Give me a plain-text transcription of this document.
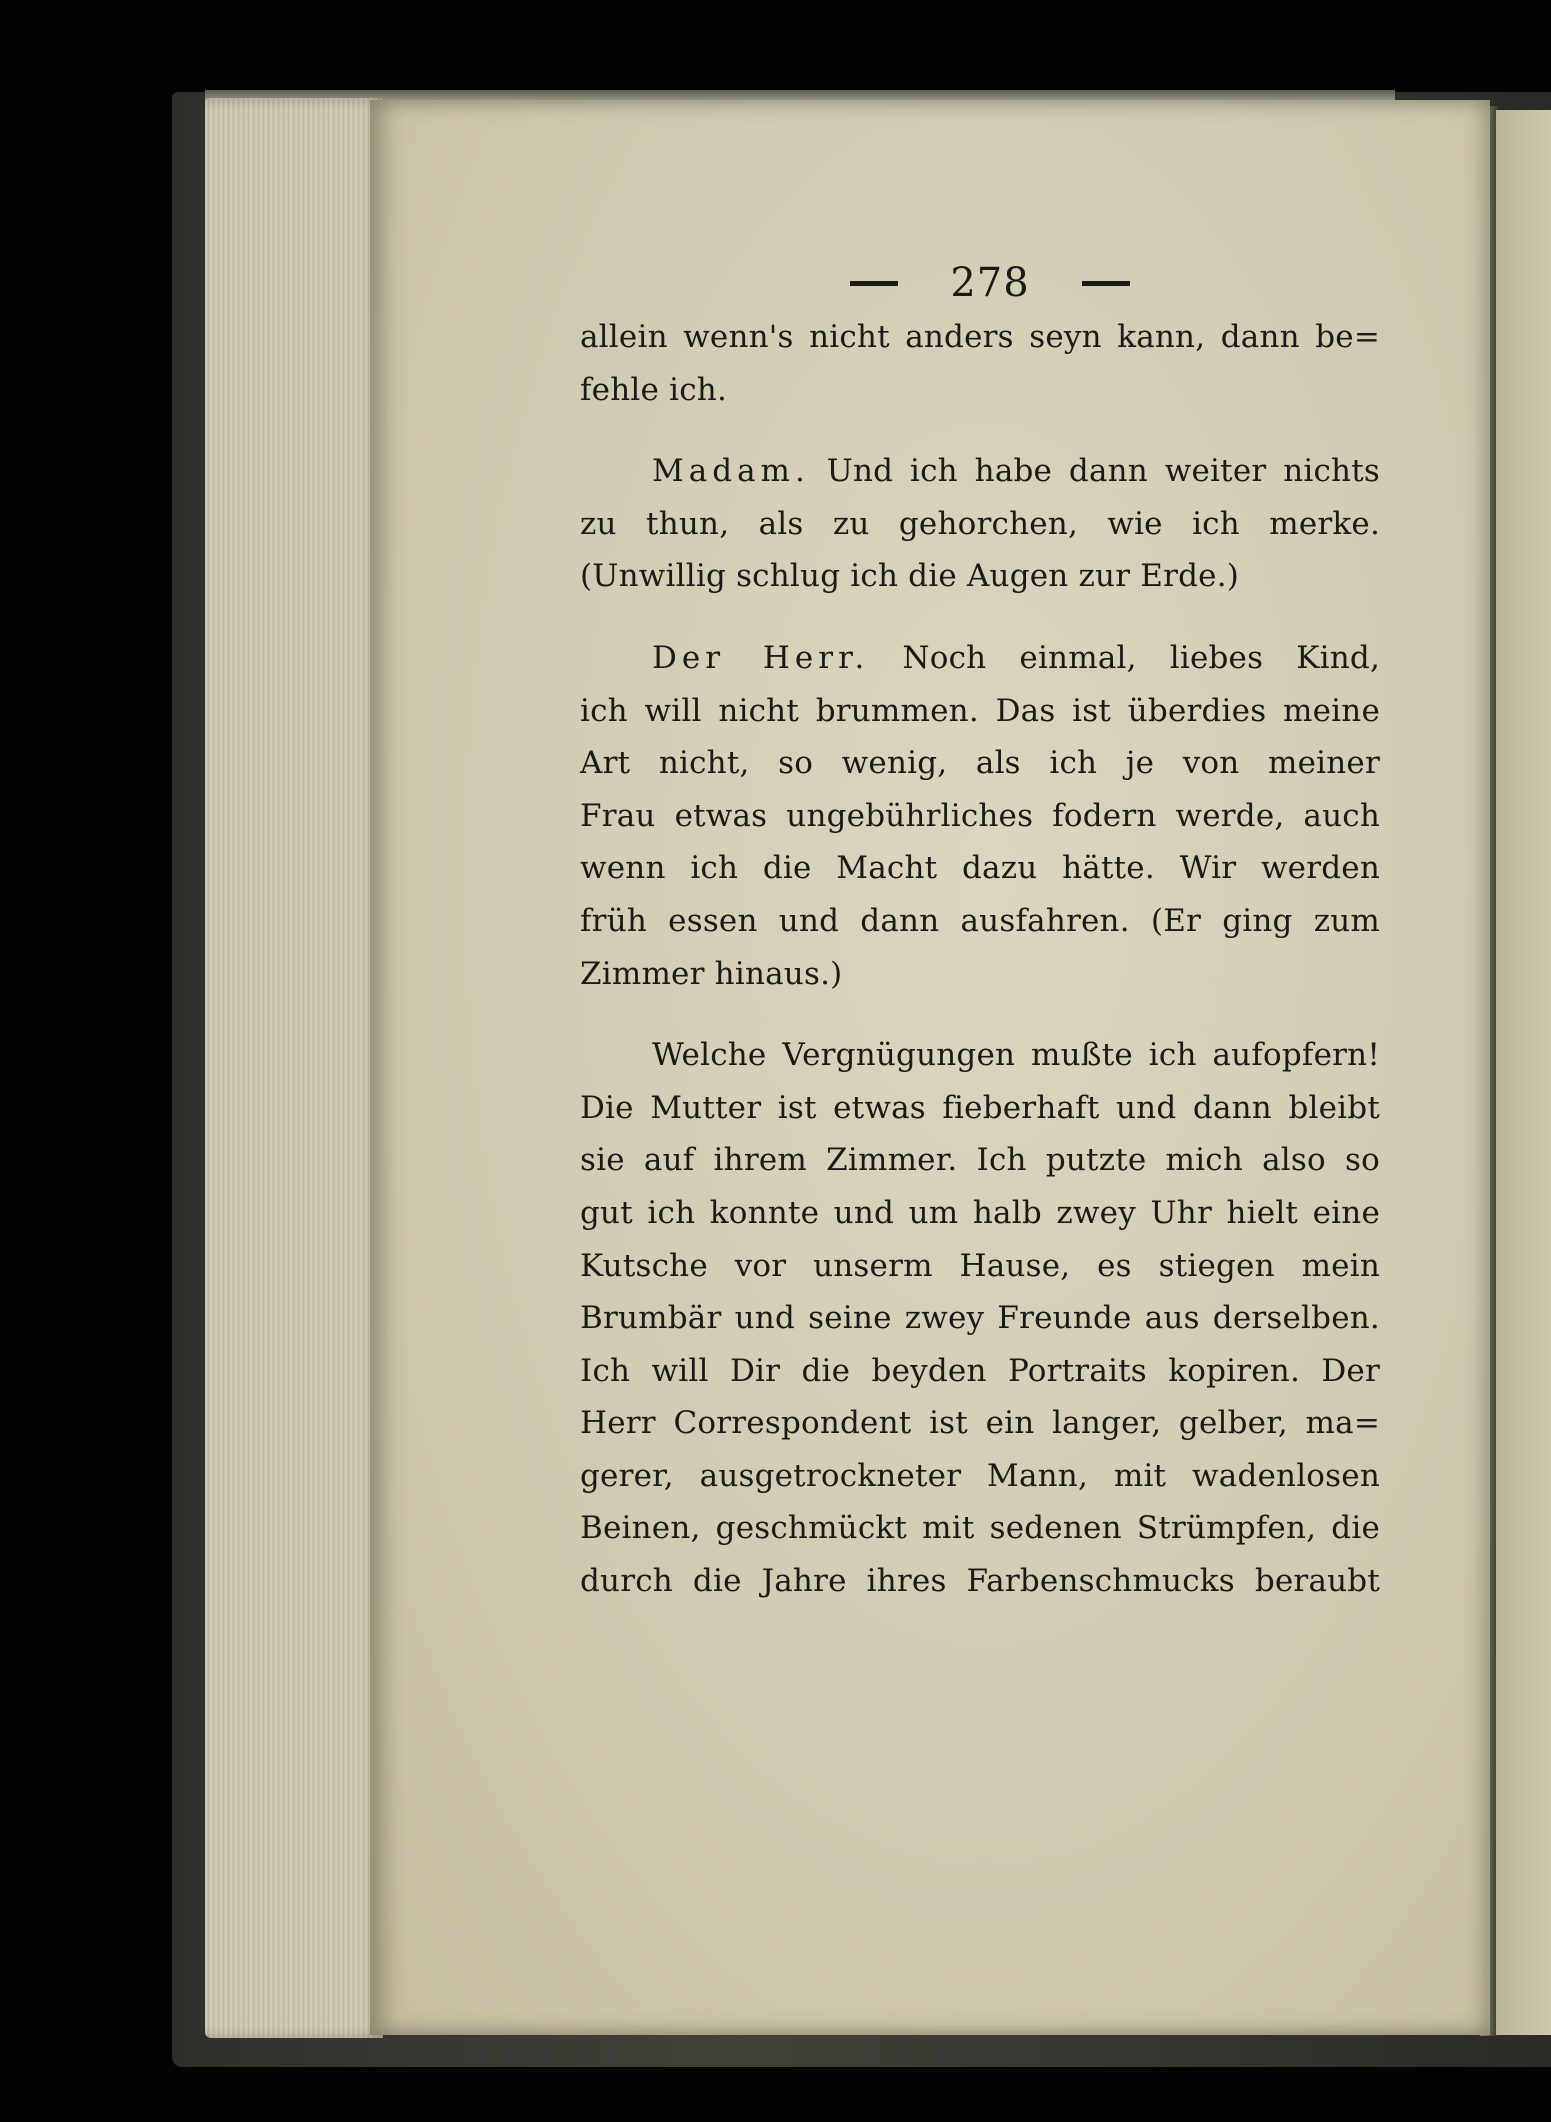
278
allein wenn's nicht anders seyn kann, dann be=
fehle ich.
Madam. Und ich habe dann weiter nichts
zu thun, als zu gehorchen, wie ich merke.
(Unwillig schlug ich die Augen zur Erde.)
Der Herr. Noch einmal, liebes Kind,
ich will nicht brummen. Das ist überdies meine
Art nicht, so wenig, als ich je von meiner
Frau etwas ungebührliches fodern werde, auch
wenn ich die Macht dazu hätte. Wir werden
früh essen und dann ausfahren. (Er ging zum
Zimmer hinaus.)
Welche Vergnügungen mußte ich aufopfern!
Die Mutter ist etwas fieberhaft und dann bleibt
sie auf ihrem Zimmer. Ich putzte mich also so
gut ich konnte und um halb zwey Uhr hielt eine
Kutsche vor unserm Hause, es stiegen mein
Brumbär und seine zwey Freunde aus derselben.
Ich will Dir die beyden Portraits kopiren. Der
Herr Correspondent ist ein langer, gelber, ma=
gerer, ausgetrockneter Mann, mit wadenlosen
Beinen, geschmückt mit sedenen Strümpfen, die
durch die Jahre ihres Farbenschmucks beraubt
